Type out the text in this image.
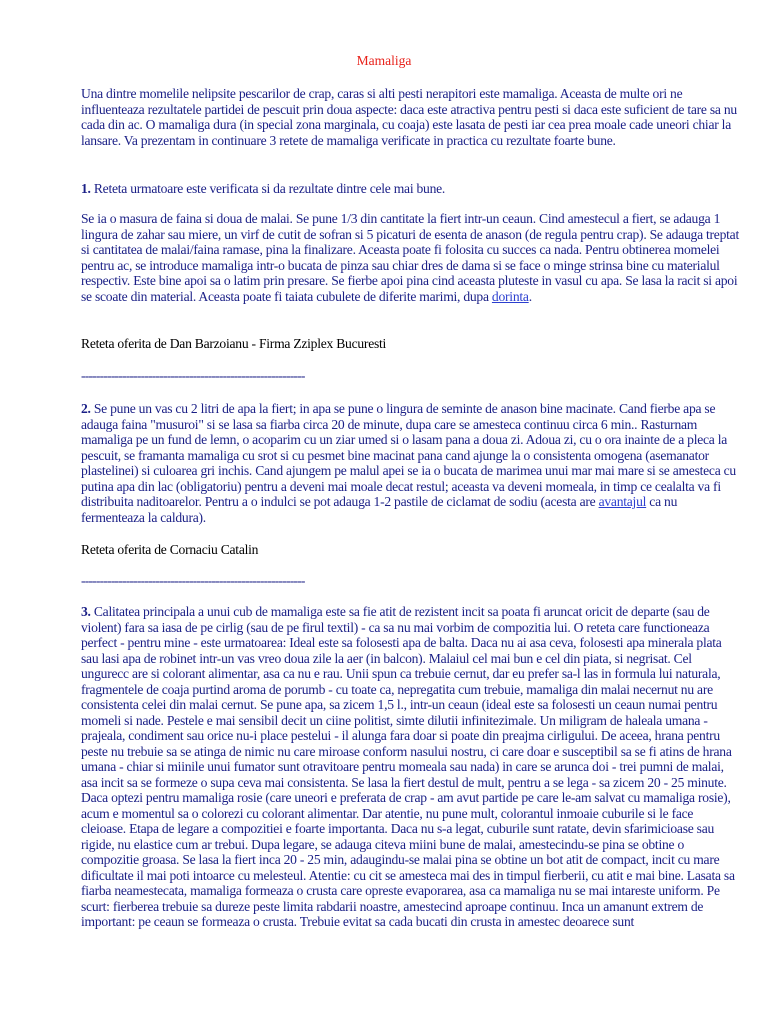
Mamaliga

Una dintre momelile nelipsite pescarilor de crap, caras si alti pesti nerapitori este mamaliga. Aceasta de multe ori ne influenteaza rezultatele partidei de pescuit prin doua aspecte: daca este atractiva pentru pesti si daca este suficient de tare sa nu cada din ac. O mamaliga dura (in special zona marginala, cu coaja) este lasata de pesti iar cea prea moale cade uneori chiar la lansare. Va prezentam in continuare 3 retete de mamaliga verificate in practica cu rezultate foarte bune.

1. Reteta urmatoare este verificata si da rezultate dintre cele mai bune.

Se ia o masura de faina si doua de malai. Se pune 1/3 din cantitate la fiert intr-un ceaun. Cind amestecul a fiert, se adauga 1 lingura de zahar sau miere, un virf de cutit de sofran si 5 picaturi de esenta de anason (de regula pentru crap). Se adauga treptat si cantitatea de malai/faina ramase, pina la finalizare. Aceasta poate fi folosita cu succes ca nada. Pentru obtinerea momelei pentru ac, se introduce mamaliga intr-o bucata de pinza sau chiar dres de dama si se face o minge strinsa bine cu materialul respectiv. Este bine apoi sa o latim prin presare. Se fierbe apoi pina cind aceasta pluteste in vasul cu apa. Se lasa la racit si apoi se scoate din material. Aceasta poate fi taiata cubulete de diferite marimi, dupa dorinta.

Reteta oferita de Dan Barzoianu - Firma Zziplex Bucuresti
------------------------------------------------------------

2. Se pune un vas cu 2 litri de apa la fiert; in apa se pune o lingura de seminte de anason bine macinate. Cand fierbe apa se adauga faina "musuroi" si se lasa sa fiarba circa 20 de minute, dupa care se amesteca continuu circa 6 min.. Rasturnam mamaliga pe un fund de lemn, o acoparim cu un ziar umed si o lasam pana a doua zi. Adoua zi, cu o ora inainte de a pleca la pescuit, se framanta mamaliga cu srot si cu pesmet bine macinat pana cand ajunge la o consistenta omogena (asemanator plastelinei) si culoarea gri inchis. Cand ajungem pe malul apei se ia o bucata de marimea unui mar mai mare si se amesteca cu putina apa din lac (obligatoriu) pentru a deveni mai moale decat restul; aceasta va deveni momeala, in timp ce cealalta va fi distribuita naditoarelor. Pentru a o indulci se pot adauga 1-2 pastile de ciclamat de sodiu (acesta are avantajul ca nu fermenteaza la caldura).

Reteta oferita de Cornaciu Catalin
------------------------------------------------------------

3. Calitatea principala a unui cub de mamaliga este sa fie atit de rezistent incit sa poata fi aruncat oricit de departe (sau de violent) fara sa iasa de pe cirlig (sau de pe firul textil) - ca sa nu mai vorbim de compozitia lui. O reteta care functioneaza perfect - pentru mine - este urmatoarea: Ideal este sa folosesti apa de balta. Daca nu ai asa ceva, folosesti apa minerala plata sau lasi apa de robinet intr-un vas vreo doua zile la aer (in balcon). Malaiul cel mai bun e cel din piata, si negrisat. Cel ungurecс are si colorant alimentar, asa ca nu e rau. Unii spun ca trebuie cernut, dar eu prefer sa-l las in formula lui naturala, fragmentele de coaja purtind aroma de porumb - cu toate ca, nepregatita cum trebuie, mamaliga din malai necernut nu are consistenta celei din malai cernut. Se pune apa, sa zicem 1,5 l., intr-un ceaun (ideal este sa folosesti un ceaun numai pentru momeli si nade. Pestele e mai sensibil decit un ciine politist, simte dilutii infinitezimale. Un miligram de haleala umana - prajeala, condiment sau orice nu-i place pestelui - il alunga fara doar si poate din preajma cirligului. De aceea, hrana pentru peste nu trebuie sa se atinga de nimic nu care miroase conform nasului nostru, ci care doar e susceptibil sa se fi atins de hrana umana - chiar si miinile unui fumator sunt otravitoare pentru momeala sau nada) in care se arunca doi - trei pumni de malai, asa incit sa se formeze o supa ceva mai consistenta. Se lasa la fiert destul de mult, pentru a se lega - sa zicem 20 - 25 minute. Daca optezi pentru mamaliga rosie (care uneori e preferata de crap - am avut partide pe care le-am salvat cu mamaliga rosie), acum e momentul sa o colorezi cu colorant alimentar. Dar atentie, nu pune mult, colorantul inmoaie cuburile si le face cleioase. Etapa de legare a compozitiei e foarte importanta. Daca nu s-a legat, cuburile sunt ratate, devin sfarimicioase sau rigide, nu elastice cum ar trebui. Dupa legare, se adauga citeva miini bune de malai, amestecindu-se pina se obtine o compozitie groasa. Se lasa la fiert inca 20 - 25 min, adaugindu-se malai pina se obtine un bot atit de compact, incit cu mare dificultate il mai poti intoarce cu melesteul. Atentie: cu cit se amesteca mai des in timpul fierberii, cu atit e mai bine. Lasata sa fiarba neamestecata, mamaliga formeaza o crusta care opreste evaporarea, asa ca mamaliga nu se mai intareste uniform. Pe scurt: fierberea trebuie sa dureze peste limita rabdarii noastre, amestecind aproape continuu. Inca un amanunt extrem de important: pe ceaun se formeaza o crusta. Trebuie evitat sa cada bucati din crusta in amestec deoarece sunt
